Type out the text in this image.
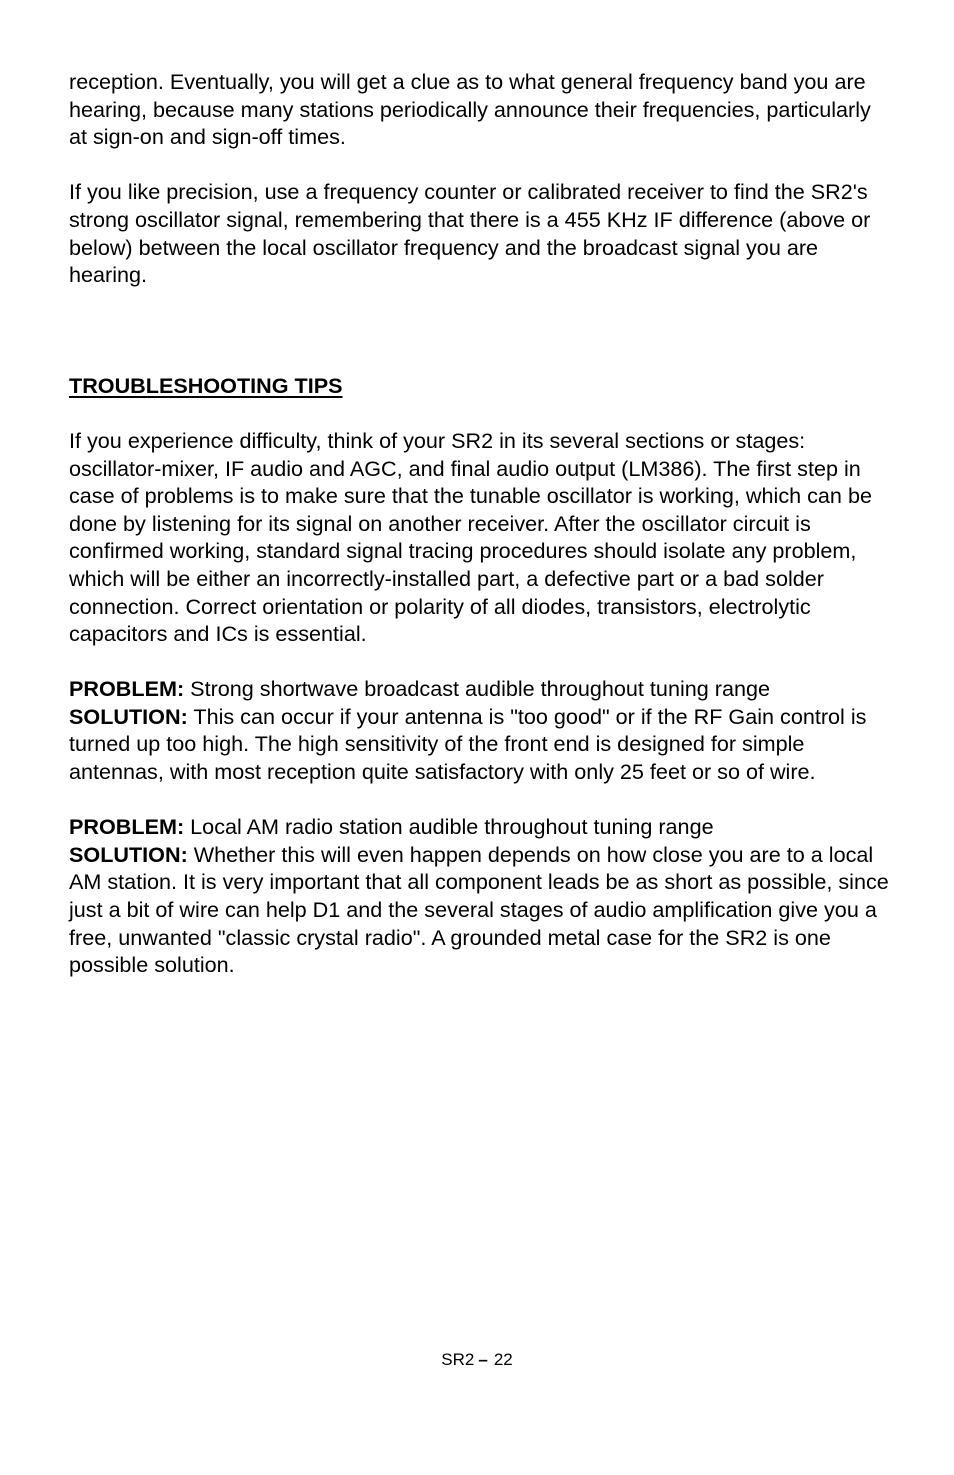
reception. Eventually, you will get a clue as to what general frequency band you are hearing, because many stations periodically announce their frequencies, particularly at sign-on and sign-off times.

If you like precision, use a frequency counter or calibrated receiver to find the SR2's strong oscillator signal, remembering that there is a 455 KHz IF difference (above or below) between the local oscillator frequency and the broadcast signal you are hearing.

TROUBLESHOOTING TIPS

If you experience difficulty, think of your SR2 in its several sections or stages: oscillator-mixer, IF audio and AGC, and final audio output (LM386). The first step in case of problems is to make sure that the tunable oscillator is working, which can be done by listening for its signal on another receiver. After the oscillator circuit is confirmed working, standard signal tracing procedures should isolate any problem, which will be either an incorrectly-installed part, a defective part or a bad solder connection. Correct orientation or polarity of all diodes, transistors, electrolytic capacitors and ICs is essential.

PROBLEM: Strong shortwave broadcast audible throughout tuning range
SOLUTION: This can occur if your antenna is "too good" or if the RF Gain control is turned up too high. The high sensitivity of the front end is designed for simple antennas, with most reception quite satisfactory with only 25 feet or so of wire.

PROBLEM: Local AM radio station audible throughout tuning range
SOLUTION: Whether this will even happen depends on how close you are to a local AM station. It is very important that all component leads be as short as possible, since just a bit of wire can help D1 and the several stages of audio amplification give you a free, unwanted "classic crystal radio". A grounded metal case for the SR2 is one possible solution.

SR2 – 22
